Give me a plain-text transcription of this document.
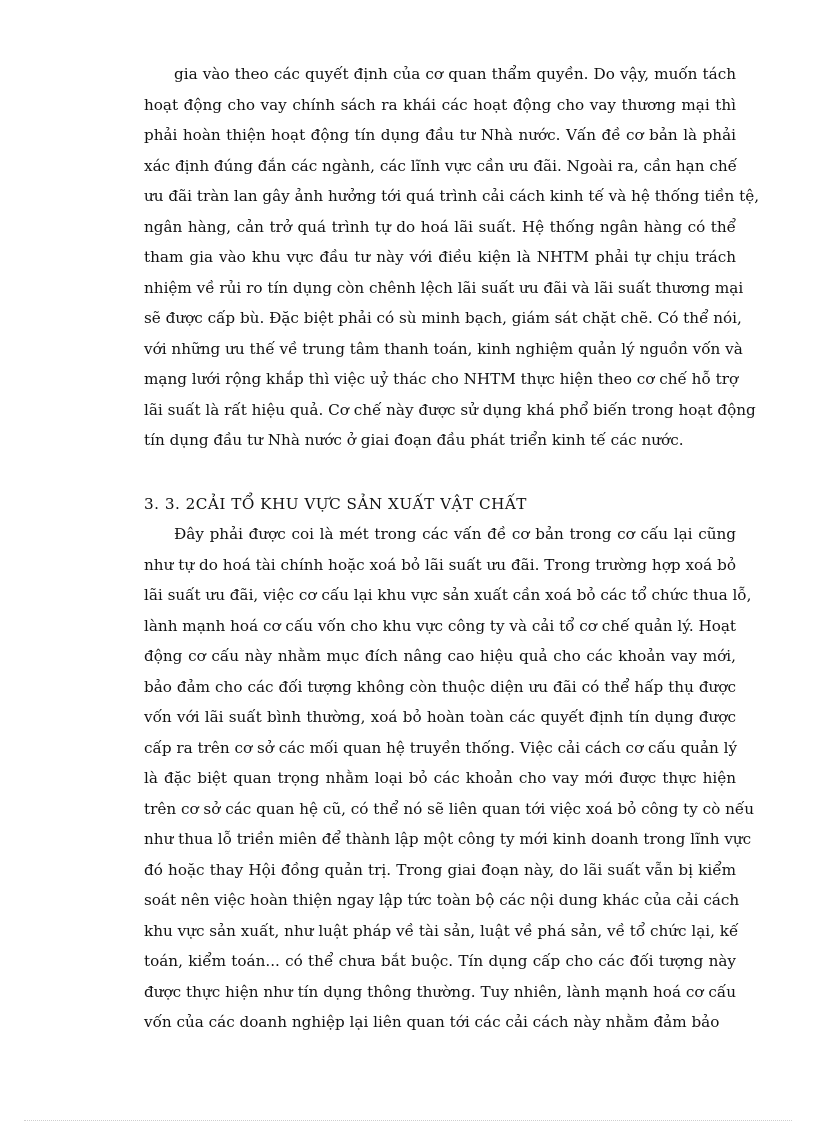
gia vào theo các quyết định của cơ quan thẩm quyền. Do vậy, muốn tách
hoạt động cho vay chính sách ra khái các hoạt động cho vay thương mại thì
phải hoàn thiện hoạt động tín dụng đầu tư Nhà nước. Vấn đề cơ bản là phải
xác định đúng đắn các ngành, các lĩnh vực cần ưu đãi. Ngoài ra, cần hạn chế
ưu đãi tràn lan gây ảnh hưởng tới quá trình cải cách kinh tế và hệ thống tiền tệ,
ngân hàng, cản trở quá trình tự do hoá lãi suất. Hệ thống ngân hàng có thể
tham gia vào khu vực đầu tư này với điều kiện là NHTM phải tự chịu trách
nhiệm về rủi ro tín dụng còn chênh lệch lãi suất ưu đãi và lãi suất thương mại
sẽ được cấp bù. Đặc biệt phải có sù minh bạch, giám sát chặt chẽ. Có thể nói,
với những ưu thế về trung tâm thanh toán, kinh nghiệm quản lý nguồn vốn và
mạng lưới rộng khắp thì việc uỷ thác cho NHTM thực hiện theo cơ chế hỗ trợ
lãi suất là rất hiệu quả. Cơ chế này được sử dụng khá phổ biến trong hoạt động
tín dụng đầu tư Nhà nước ở giai đoạn đầu phát triển kinh tế các nước.
3. 3. 2CẢI TỔ KHU VỰC SẢN XUẤT VẬT CHẤT
Đây phải được coi là mét trong các vấn đề cơ bản trong cơ cấu lại cũng
như tự do hoá tài chính hoặc xoá bỏ lãi suất ưu đãi. Trong trường hợp xoá bỏ
lãi suất ưu đãi, việc cơ cấu lại khu vực sản xuất cần xoá bỏ các tổ chức thua lỗ,
lành mạnh hoá cơ cấu vốn cho khu vực công ty và cải tổ cơ chế quản lý. Hoạt
động cơ cấu này nhằm mục đích nâng cao hiệu quả cho các khoản vay mới,
bảo đảm cho các đối tượng không còn thuộc diện ưu đãi có thể hấp thụ được
vốn với lãi suất bình thường, xoá bỏ hoàn toàn các quyết định tín dụng được
cấp ra trên cơ sở các mối quan hệ truyền thống. Việc cải cách cơ cấu quản lý
là đặc biệt quan trọng nhằm loại bỏ các khoản cho vay mới được thực hiện
trên cơ sở các quan hệ cũ, có thể nó sẽ liên quan tới việc xoá bỏ công ty cò nếu
như thua lỗ triền miên để thành lập một công ty mới kinh doanh trong lĩnh vực
đó hoặc thay Hội đồng quản trị. Trong giai đoạn này, do lãi suất vẫn bị kiểm
soát nên việc hoàn thiện ngay lập tức toàn bộ các nội dung khác của cải cách
khu vực sản xuất, như luật pháp về tài sản, luật về phá sản, về tổ chức lại, kế
toán, kiểm toán... có thể chưa bắt buộc. Tín dụng cấp cho các đối tượng này
được thực hiện như tín dụng thông thường. Tuy nhiên, lành mạnh hoá cơ cấu
vốn của các doanh nghiệp lại liên quan tới các cải cách này nhằm đảm bảo
